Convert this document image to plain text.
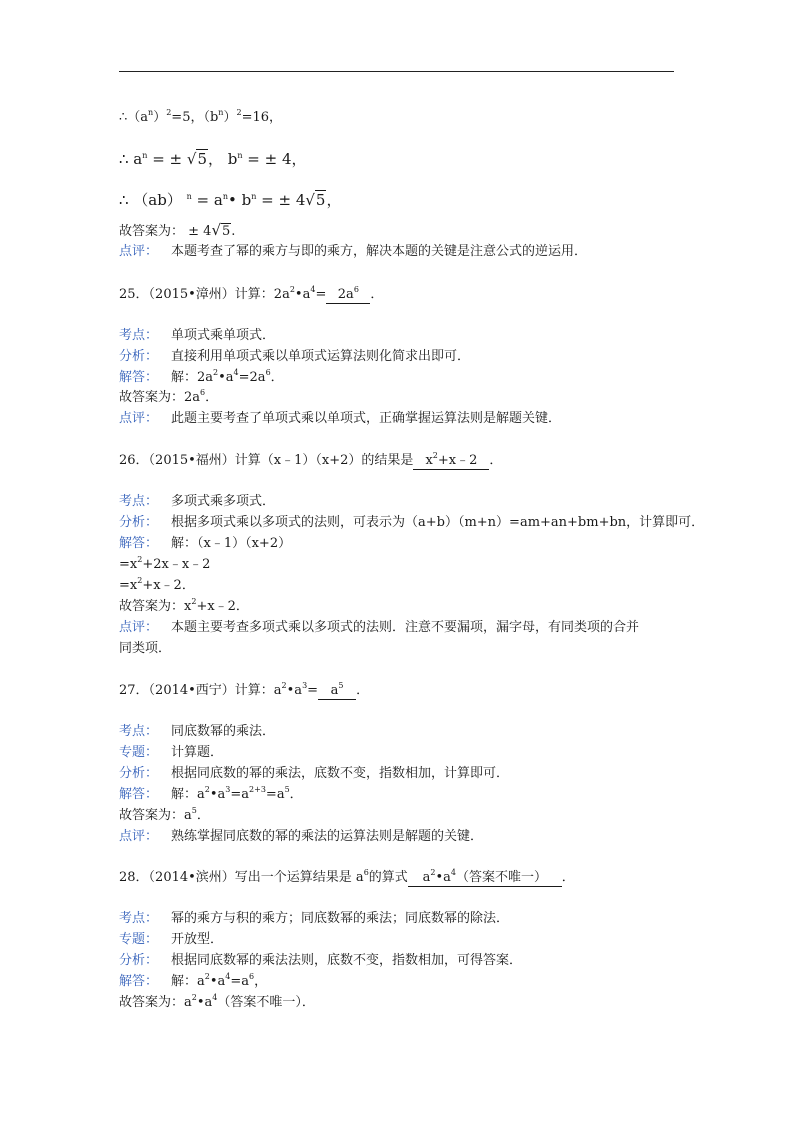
$\therefore(a^n)^2=5$，$(b^n)^2=16$，
∴ $a^n$ = ± √5， $b^n$ = ± 4，
∴ （ab） $^n = a^n•$ $b^n$ = ± 4√5，
故答案为： ± 4√5.
点评： 本题考查了幂的乘方与即的乘方，解决本题的关键是注意公式的逆运用．
25．（2015•漳州）计算：$2a^2•a^4= 2a^6$ ．
考点： 单项式乘单项式．
分析： 直接利用单项式乘以单项式运算法则化简求出即可．
解答： 解：$2a^2•a^4=2a^6$．
故答案为：$2a^6$．
点评： 此题主要考查了单项式乘以单项式，正确掌握运算法则是解题关键．
26．（2015•福州）计算（x﹣1）（x+2）的结果是 $x^2+x﹣2$ ．
考点： 多项式乘多项式．
分析： 根据多项式乘以多项式的法则，可表示为（a+b）（m+n）=am+an+bm+bn，计算即可．
解答： 解：（x﹣1）（x+2）
$=x^2+2x﹣x﹣2$
$=x^2+x﹣2$．
故答案为：$x^2+x﹣2$．
点评： 本题主要考查多项式乘以多项式的法则．注意不要漏项，漏字母，有同类项的合并
同类项．
27．（2014•西宁）计算：$a^2•a^3= a^5$ ．
考点： 同底数幂的乘法．
专题： 计算题．
分析： 根据同底数的幂的乘法，底数不变，指数相加，计算即可．
解答： 解：$a^2•a^3=a^{2+3}=a^5$．
故答案为：$a^5$．
点评： 熟练掌握同底数的幂的乘法的运算法则是解题的关键．
28．（2014•滨州）写出一个运算结果是 $a^6$的算式 $a^2•a^4$（答案不唯一） ．
考点： 幂的乘方与积的乘方；同底数幂的乘法；同底数幂的除法．
专题： 开放型．
分析： 根据同底数幂的乘法法则，底数不变，指数相加，可得答案．
解答： 解：$a^2•a^4=a^6$，
故答案为：$a^2•a^4$（答案不唯一）．
